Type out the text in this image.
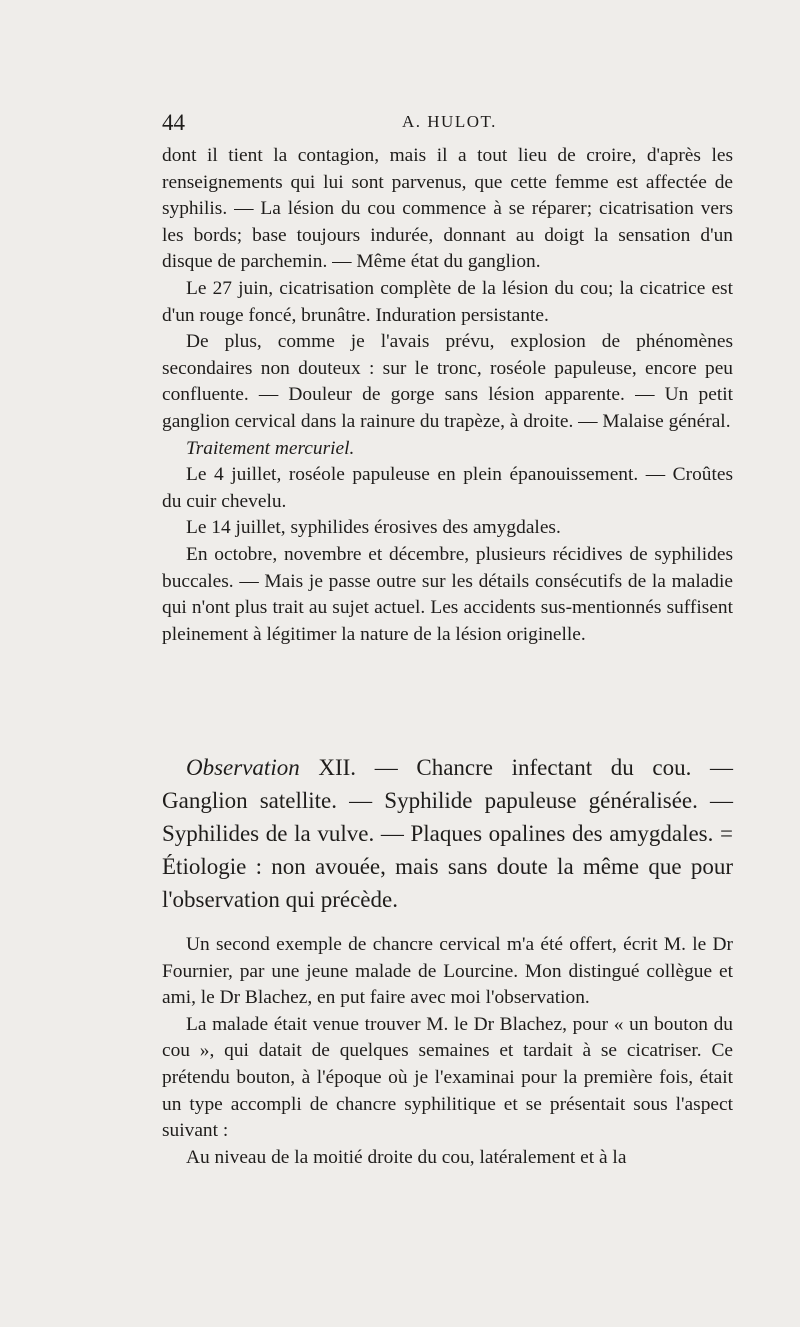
44	A. HULOT.

dont il tient la contagion, mais il a tout lieu de croire, d'après les renseignements qui lui sont parvenus, que cette femme est affectée de syphilis. — La lésion du cou commence à se réparer; cicatrisation vers les bords; base toujours indurée, donnant au doigt la sensation d'un disque de parchemin. — Même état du ganglion.

Le 27 juin, cicatrisation complète de la lésion du cou; la cicatrice est d'un rouge foncé, brunâtre. Induration persistante.

De plus, comme je l'avais prévu, explosion de phénomènes secondaires non douteux : sur le tronc, roséole papuleuse, encore peu confluente. — Douleur de gorge sans lésion apparente. — Un petit ganglion cervical dans la rainure du trapèze, à droite. — Malaise général.

Traitement mercuriel.

Le 4 juillet, roséole papuleuse en plein épanouissement. — Croûtes du cuir chevelu.

Le 14 juillet, syphilides érosives des amygdales.

En octobre, novembre et décembre, plusieurs récidives de syphilides buccales. — Mais je passe outre sur les détails consécutifs de la maladie qui n'ont plus trait au sujet actuel. Les accidents sus-mentionnés suffisent pleinement à légitimer la nature de la lésion originelle.

Observation XII. — Chancre infectant du cou. — Ganglion satellite. — Syphilide papuleuse généralisée. — Syphilides de la vulve. — Plaques opalines des amygdales. = Étiologie : non avouée, mais sans doute la même que pour l'observation qui précède.

Un second exemple de chancre cervical m'a été offert, écrit M. le Dr Fournier, par une jeune malade de Lourcine. Mon distingué collègue et ami, le Dr Blachez, en put faire avec moi l'observation.

La malade était venue trouver M. le Dr Blachez, pour « un bouton du cou », qui datait de quelques semaines et tardait à se cicatriser. Ce prétendu bouton, à l'époque où je l'examinai pour la première fois, était un type accompli de chancre syphilitique et se présentait sous l'aspect suivant :

Au niveau de la moitié droite du cou, latéralement et à la
